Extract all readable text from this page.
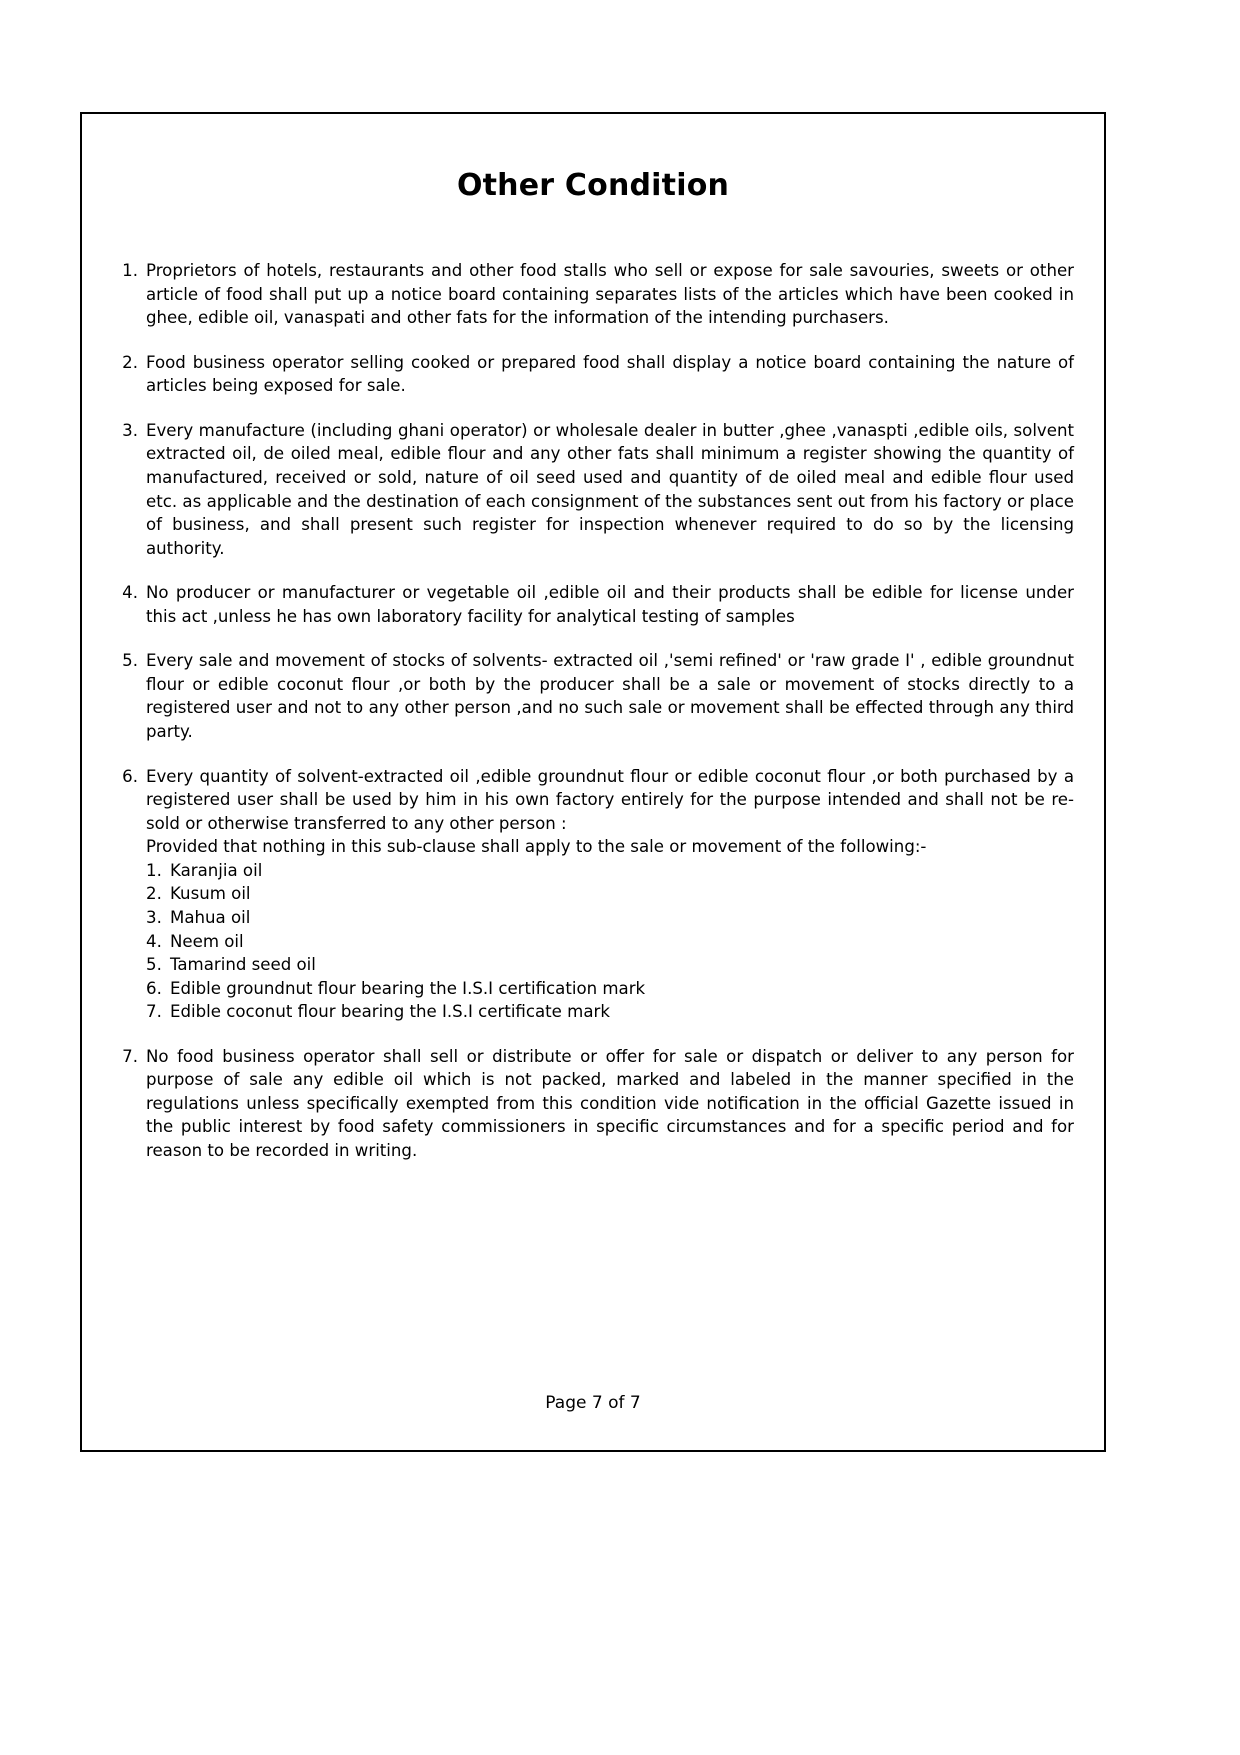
Other Condition
Proprietors of hotels, restaurants and other food stalls who sell or expose for sale savouries, sweets or other article of food shall put up a notice board containing separates lists of the articles which have been cooked in ghee, edible oil, vanaspati and other fats for the information of the intending purchasers.
Food business operator selling cooked or prepared food shall display a notice board containing the nature of articles being exposed for sale.
Every manufacture (including ghani operator) or wholesale dealer in butter ,ghee ,vanaspti ,edible oils, solvent extracted oil, de oiled meal, edible flour and any other fats shall minimum a register showing the quantity of manufactured, received or sold, nature of oil seed used and quantity of de oiled meal and edible flour used etc. as applicable and the destination of each consignment of the substances sent out from his factory or place of business, and shall present such register for inspection whenever required to do so by the licensing authority.
No producer or manufacturer or vegetable oil ,edible oil and their products shall be edible for license under this act ,unless he has own laboratory facility for analytical testing of samples
Every sale and movement of stocks of solvents- extracted oil ,'semi refined' or 'raw grade I' , edible groundnut flour or edible coconut flour ,or both by the producer shall be a sale or movement of stocks directly to a registered user and not to any other person ,and no such sale or movement shall be effected through any third party.
Every quantity of solvent-extracted oil ,edible groundnut flour or edible coconut flour ,or both purchased by a registered user shall be used by him in his own factory entirely for the purpose intended and shall not be re-sold or otherwise transferred to any other person :
Provided that nothing in this sub-clause shall apply to the sale or movement of the following:-
Karanjia oil
Kusum oil
Mahua oil
Neem oil
Tamarind seed oil
Edible groundnut flour bearing the I.S.I certification mark
Edible coconut flour bearing the I.S.I certificate mark
No food business operator shall sell or distribute or offer for sale or dispatch or deliver to any person for purpose of sale any edible oil which is not packed, marked and labeled in the manner specified in the regulations unless specifically exempted from this condition vide notification in the official Gazette issued in the public interest by food safety commissioners in specific circumstances and for a specific period and for reason to be recorded in writing.
Page 7 of 7
